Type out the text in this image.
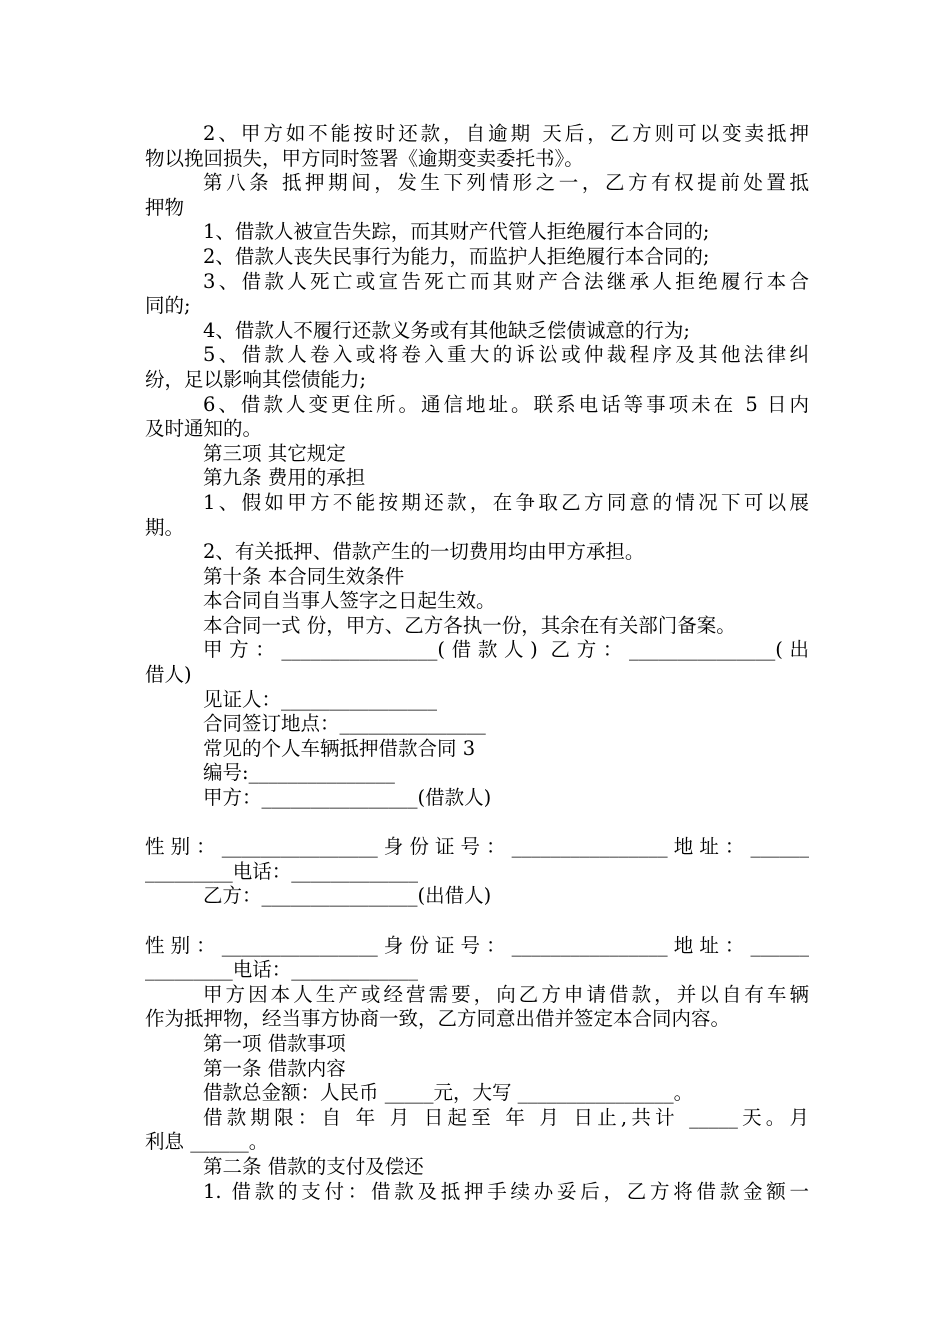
2、甲方如不能按时还款，自逾期 天后，乙方则可以变卖抵押
物以挽回损失，甲方同时签署《逾期变卖委托书》。
第八条 抵押期间，发生下列情形之一，乙方有权提前处置抵
押物
1、借款人被宣告失踪，而其财产代管人拒绝履行本合同的;
2、借款人丧失民事行为能力，而监护人拒绝履行本合同的;
3、借款人死亡或宣告死亡而其财产合法继承人拒绝履行本合
同的;
4、借款人不履行还款义务或有其他缺乏偿债诚意的行为;
5、借款人卷入或将卷入重大的诉讼或仲裁程序及其他法律纠
纷，足以影响其偿债能力;
6、借款人变更住所。通信地址。联系电话等事项未在 5 日内
及时通知的。
第三项 其它规定
第九条 费用的承担
1、假如甲方不能按期还款，在争取乙方同意的情况下可以展
期。
2、有关抵押、借款产生的一切费用均由甲方承担。
第十条 本合同生效条件
本合同自当事人签字之日起生效。
本合同一式 份，甲方、乙方各执一份，其余在有关部门备案。
甲方：________________(借款人) 乙方：_______________(出
借人)
见证人：________________
合同签订地点：_______________
常见的个人车辆抵押借款合同 3
编号:_______________
甲方：________________(借款人)
性别：________________身份证号：________________地址：______
_________电话：_____________
乙方：________________(出借人)
性别：________________身份证号：________________地址：______
_________电话：_____________
甲方因本人生产或经营需要，向乙方申请借款，并以自有车辆
作为抵押物，经当事方协商一致，乙方同意出借并签定本合同内容。
第一项 借款事项
第一条 借款内容
借款总金额：人民币 _____元，大写 ________________。
借款期限：自 年 月 日起至 年 月 日止,共计 _____天。月
利息 ______。
第二条 借款的支付及偿还
1. 借款的支付：借款及抵押手续办妥后，乙方将借款金额一
